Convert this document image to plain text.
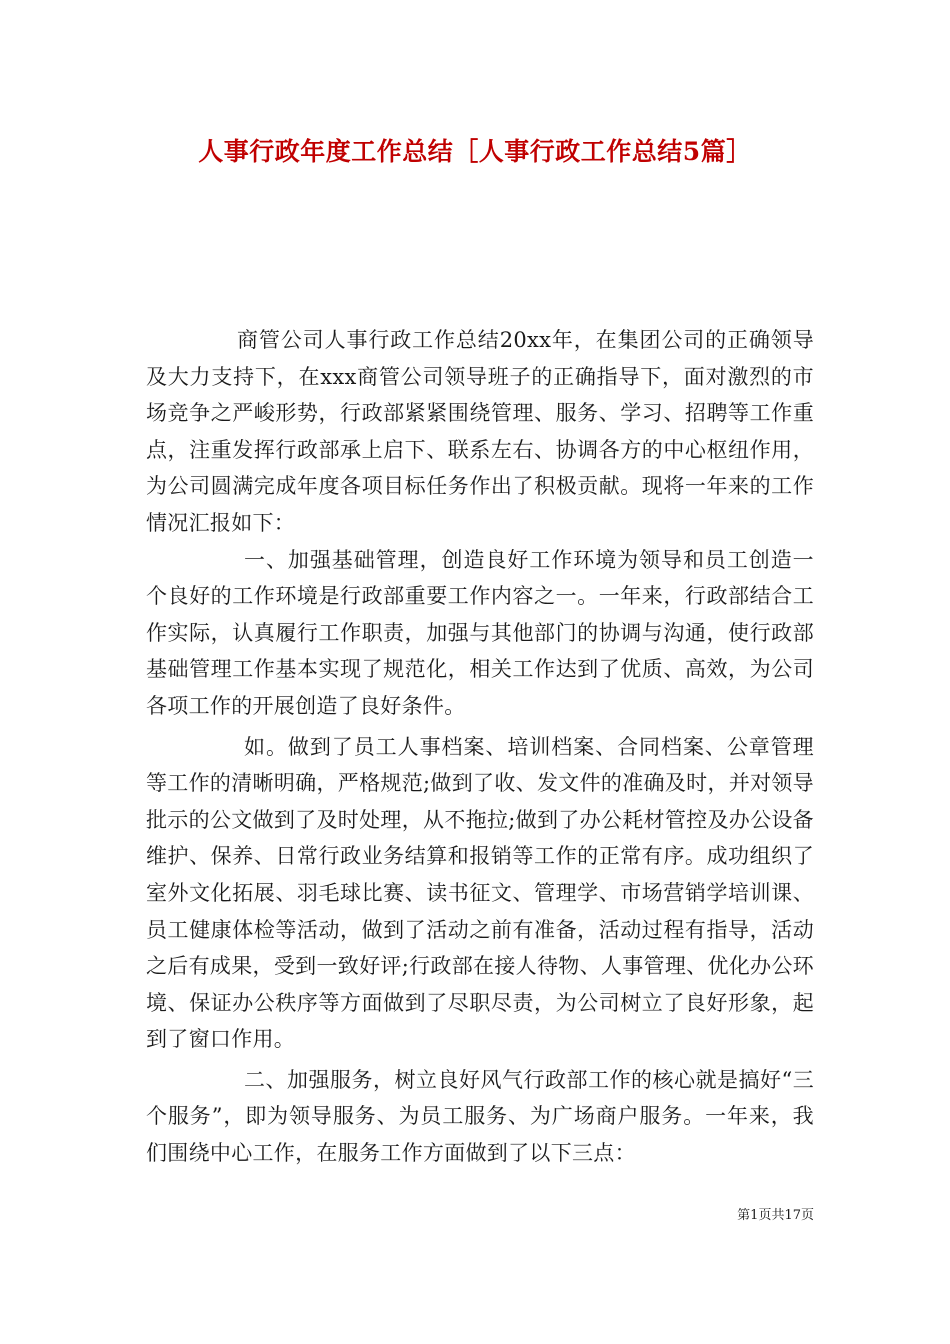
人事行政年度工作总结［人事行政工作总结5篇］

商管公司人事行政工作总结20xx年，在集团公司的正确领导及大力支持下，在xxx商管公司领导班子的正确指导下，面对激烈的市场竞争之严峻形势，行政部紧紧围绕管理、服务、学习、招聘等工作重点，注重发挥行政部承上启下、联系左右、协调各方的中心枢纽作用，为公司圆满完成年度各项目标任务作出了积极贡献。现将一年来的工作情况汇报如下：

一、加强基础管理，创造良好工作环境为领导和员工创造一个良好的工作环境是行政部重要工作内容之一。一年来，行政部结合工作实际，认真履行工作职责，加强与其他部门的协调与沟通，使行政部基础管理工作基本实现了规范化，相关工作达到了优质、高效，为公司各项工作的开展创造了良好条件。

如。做到了员工人事档案、培训档案、合同档案、公章管理等工作的清晰明确，严格规范;做到了收、发文件的准确及时，并对领导批示的公文做到了及时处理，从不拖拉;做到了办公耗材管控及办公设备维护、保养、日常行政业务结算和报销等工作的正常有序。成功组织了室外文化拓展、羽毛球比赛、读书征文、管理学、市场营销学培训课、员工健康体检等活动，做到了活动之前有准备，活动过程有指导，活动之后有成果，受到一致好评;行政部在接人待物、人事管理、优化办公环境、保证办公秩序等方面做到了尽职尽责，为公司树立了良好形象，起到了窗口作用。

二、加强服务，树立良好风气行政部工作的核心就是搞好“三个服务”，即为领导服务、为员工服务、为广场商户服务。一年来，我们围绕中心工作，在服务工作方面做到了以下三点：

第1页共17页
